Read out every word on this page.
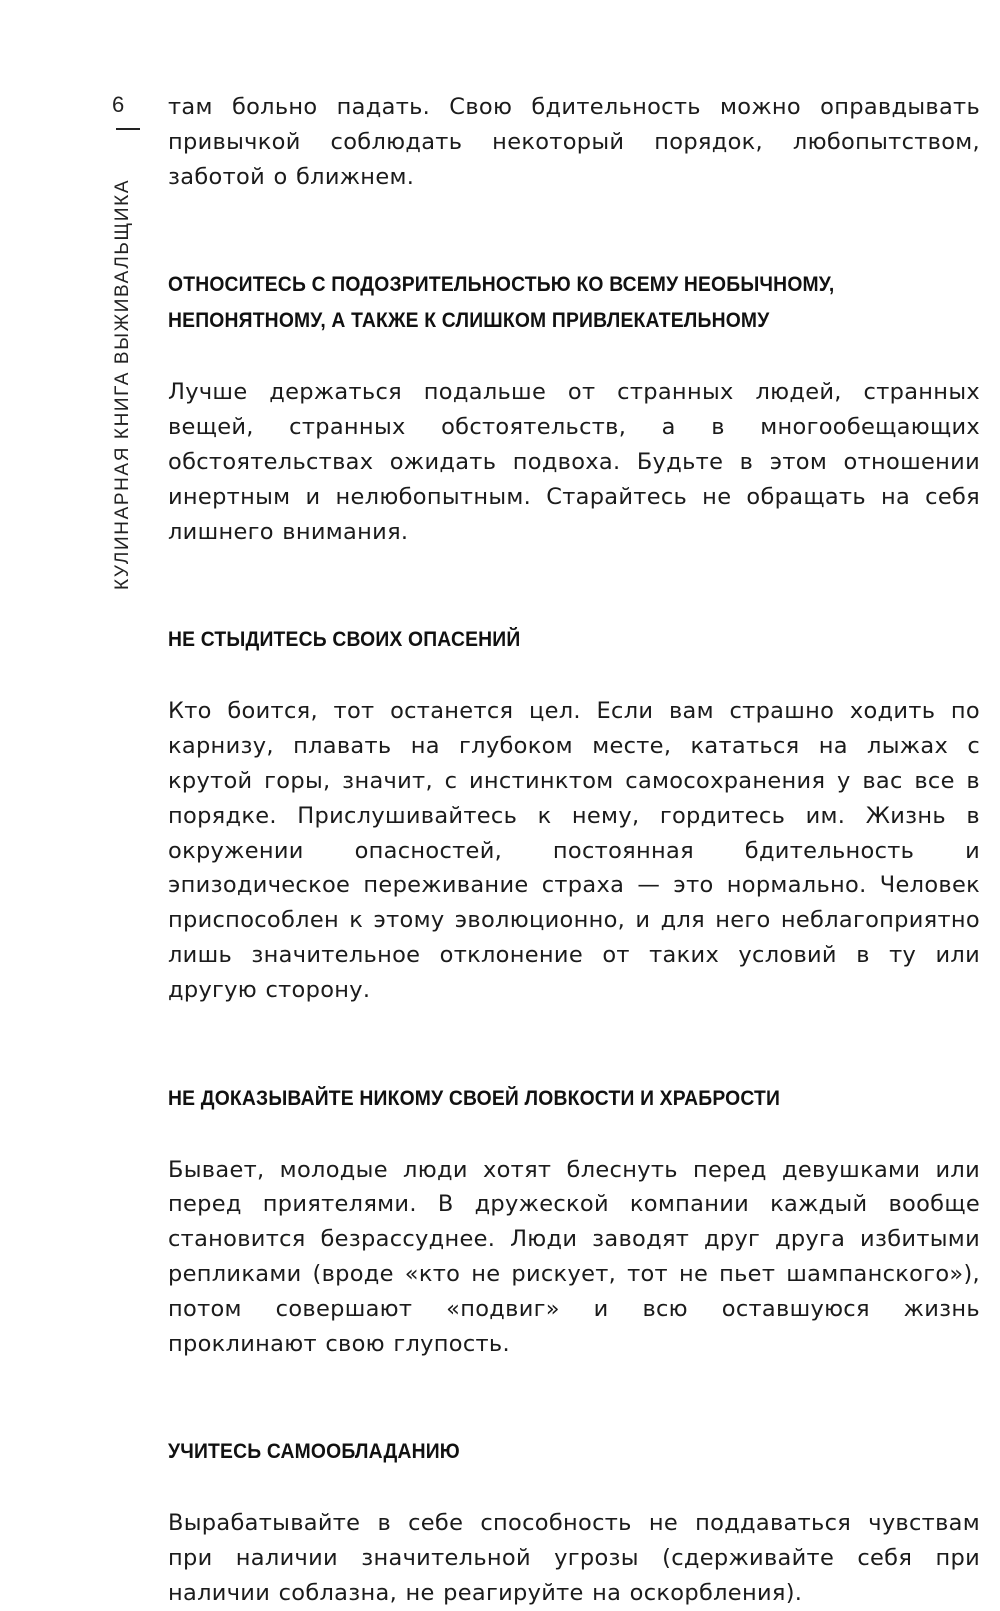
6
КУЛИНАРНАЯ КНИГА ВЫЖИВАЛЬЩИКА

там больно падать. Свою бдительность можно оправдывать привычкой соблюдать некоторый порядок, любопытством, заботой о ближнем.

ОТНОСИТЕСЬ С ПОДОЗРИТЕЛЬНОСТЬЮ КО ВСЕМУ НЕОБЫЧНОМУ, НЕПОНЯТНОМУ, А ТАКЖЕ К СЛИШКОМ ПРИВЛЕКАТЕЛЬНОМУ

Лучше держаться подальше от странных людей, странных вещей, странных обстоятельств, а в многообещающих обстоятельствах ожидать подвоха. Будьте в этом отношении инертным и нелюбопытным. Старайтесь не обращать на себя лишнего внимания.

НЕ СТЫДИТЕСЬ СВОИХ ОПАСЕНИЙ

Кто боится, тот останется цел. Если вам страшно ходить по карнизу, плавать на глубоком месте, кататься на лыжах с крутой горы, значит, с инстинктом самосохранения у вас все в порядке. Прислушивайтесь к нему, гордитесь им. Жизнь в окружении опасностей, постоянная бдительность и эпизодическое переживание страха — это нормально. Человек приспособлен к этому эволюционно, и для него неблагоприятно лишь значительное отклонение от таких условий в ту или другую сторону.

НЕ ДОКАЗЫВАЙТЕ НИКОМУ СВОЕЙ ЛОВКОСТИ И ХРАБРОСТИ

Бывает, молодые люди хотят блеснуть перед девушками или перед приятелями. В дружеской компании каждый вообще становится безрассуднее. Люди заводят друг друга избитыми репликами (вроде «кто не рискует, тот не пьет шампанского»), потом совершают «подвиг» и всю оставшуюся жизнь проклинают свою глупость.

УЧИТЕСЬ САМООБЛАДАНИЮ

Вырабатывайте в себе способность не поддаваться чувствам при наличии значительной угрозы (сдерживайте себя при наличии соблазна, не реагируйте на оскорбления).
